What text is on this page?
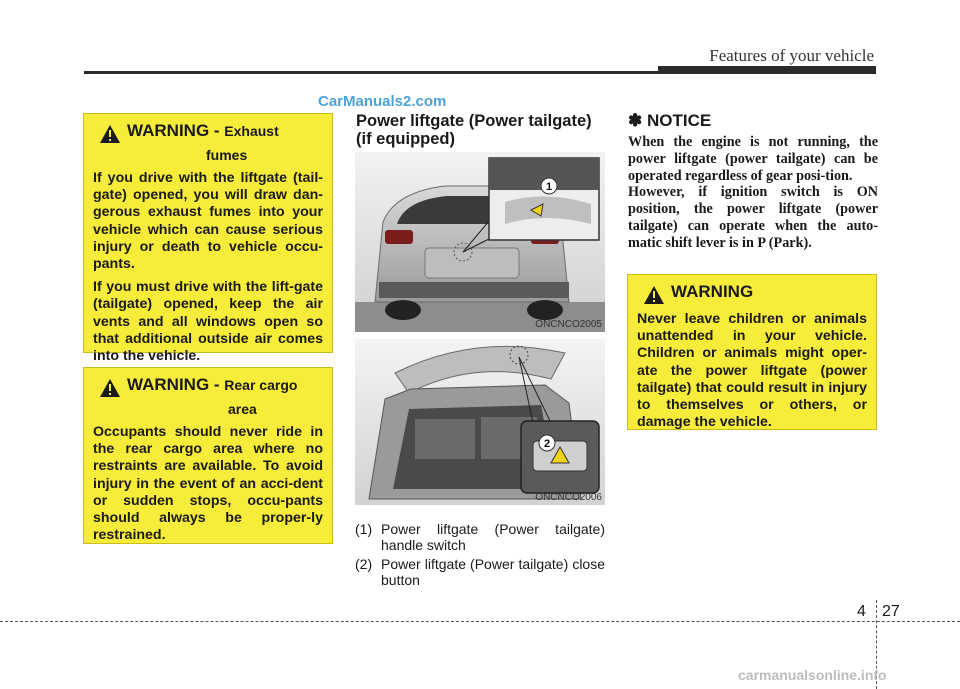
Features of your vehicle
CarManuals2.com
WARNING - Exhaust
fumes

If you drive with the liftgate (tail-gate) opened, you will draw dan-gerous exhaust fumes into your vehicle which can cause serious injury or death to vehicle occu-pants.

If you must drive with the lift-gate (tailgate) opened, keep the air vents and all windows open so that additional outside air comes into the vehicle.

WARNING - Rear cargo
area

Occupants should never ride in the rear cargo area where no restraints are available. To avoid injury in the event of an acci-dent or sudden stops, occu-pants should always be proper-ly restrained.

Power liftgate (Power tailgate)
(if equipped)
1
ONCNCO2005
2
ONCNCO2006
(1) Power liftgate (Power tailgate) handle switch
(2) Power liftgate (Power tailgate) close button
✽ NOTICE

When the engine is not running, the power liftgate (power tailgate) can be operated regardless of gear posi-tion.

However, if ignition switch is ON position, the power liftgate (power tailgate) can operate when the auto-matic shift lever is in P (Park).

WARNING

Never leave children or animals unattended in your vehicle. Children or animals might oper-ate the power liftgate (power tailgate) that could result in injury to themselves or others, or damage the vehicle.

4 27
carmanualsonline.info
